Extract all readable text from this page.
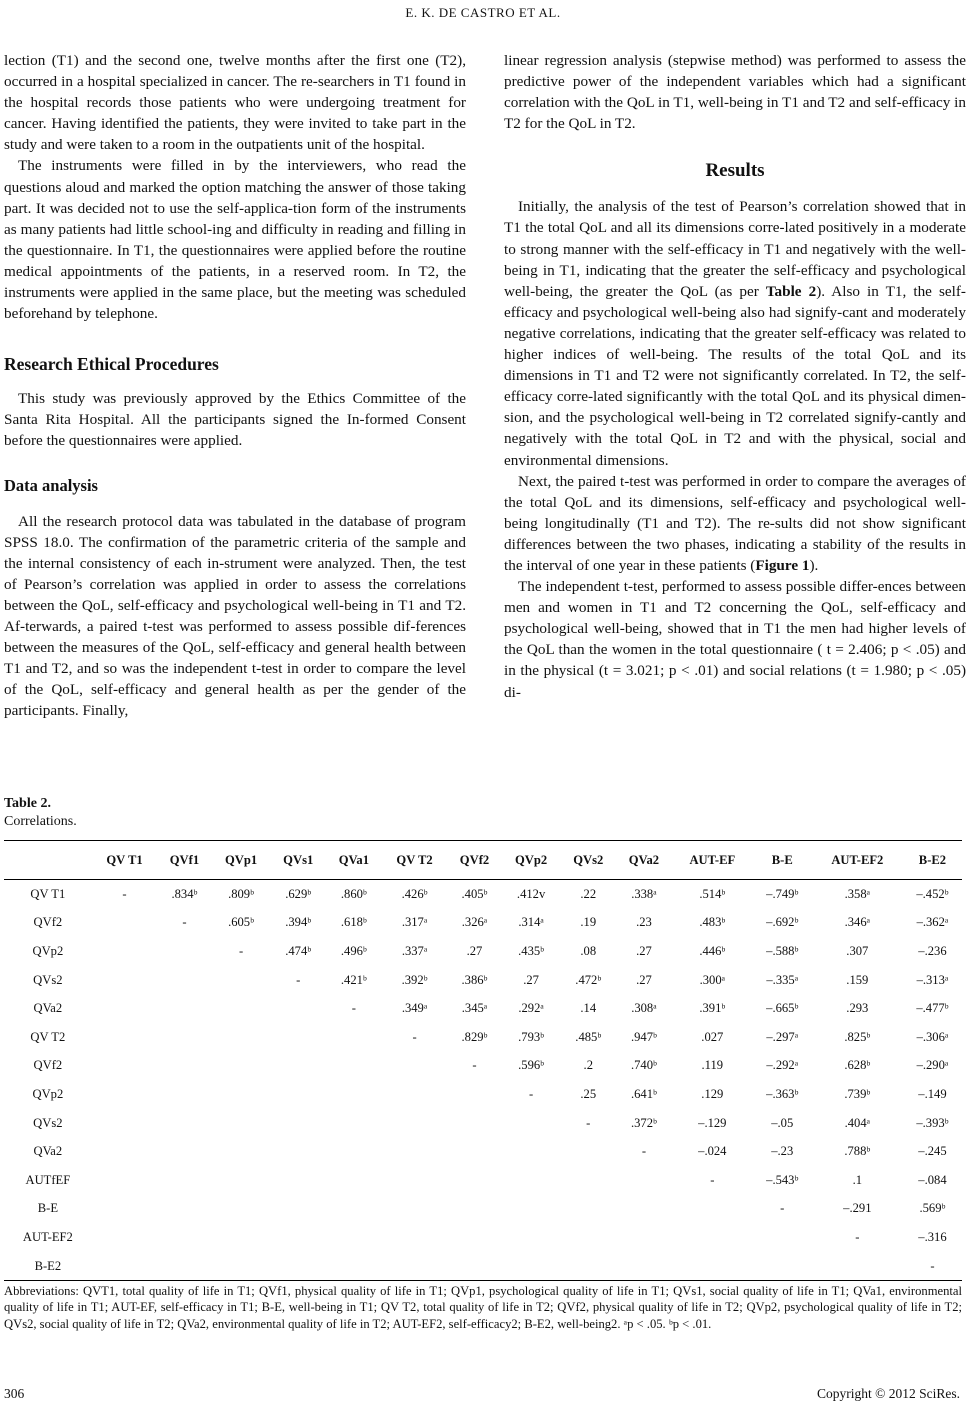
E. K. DE CASTRO ET AL.

lection (T1) and the second one, twelve months after the first one (T2), occurred in a hospital specialized in cancer. The re-searchers in T1 found in the hospital records those patients who were undergoing treatment for cancer. Having identified the patients, they were invited to take part in the study and were taken to a room in the outpatients unit of the hospital.

The instruments were filled in by the interviewers, who read the questions aloud and marked the option matching the answer of those taking part. It was decided not to use the self-applica-tion form of the instruments as many patients had little school-ing and difficulty in reading and filling in the questionnaire. In T1, the questionnaires were applied before the routine medical appointments of the patients, in a reserved room. In T2, the instruments were applied in the same place, but the meeting was scheduled beforehand by telephone.

Research Ethical Procedures

This study was previously approved by the Ethics Committee of the Santa Rita Hospital. All the participants signed the In-formed Consent before the questionnaires were applied.

Data analysis

All the research protocol data was tabulated in the database of program SPSS 18.0. The confirmation of the parametric criteria of the sample and the internal consistency of each in-strument were analyzed. Then, the test of Pearson’s correlation was applied in order to assess the correlations between the QoL, self-efficacy and psychological well-being in T1 and T2. Af-terwards, a paired t-test was performed to assess possible dif-ferences between the measures of the QoL, self-efficacy and general health between T1 and T2, and so was the independent t-test in order to compare the level of the QoL, self-efficacy and general health as per the gender of the participants. Finally,

linear regression analysis (stepwise method) was performed to assess the predictive power of the independent variables which had a significant correlation with the QoL in T1, well-being in T1 and T2 and self-efficacy in T2 for the QoL in T2.

Results

Initially, the analysis of the test of Pearson’s correlation showed that in T1 the total QoL and all its dimensions corre-lated positively in a moderate to strong manner with the self-efficacy in T1 and negatively with the well-being in T1, indicating that the greater the self-efficacy and psychological well-being, the greater the QoL (as per Table 2). Also in T1, the self-efficacy and psychological well-being also had signify-cant and moderately negative correlations, indicating that the greater self-efficacy was related to higher indices of well-being. The results of the total QoL and its dimensions in T1 and T2 were not significantly correlated. In T2, the self-efficacy corre-lated significantly with the total QoL and its physical dimen-sion, and the psychological well-being in T2 correlated signify-cantly and negatively with the total QoL in T2 and with the physical, social and environmental dimensions.

Next, the paired t-test was performed in order to compare the averages of the total QoL and its dimensions, self-efficacy and psychological well-being longitudinally (T1 and T2). The re-sults did not show significant differences between the two phases, indicating a stability of the results in the interval of one year in these patients (Figure 1).

The independent t-test, performed to assess possible differ-ences between men and women in T1 and T2 concerning the QoL, self-efficacy and psychological well-being, showed that in T1 the men had higher levels of the QoL than the women in the total questionnaire ( t = 2.406; p < .05) and in the physical (t = 3.021; p < .01) and social relations (t = 1.980; p < .05) di-

Table 2.
Correlations.
	QV T1	QVf1	QVp1	QVs1	QVa1	QV T2	QVf2	QVp2	QVs2	QVa2	AUT-EF	B-E	AUT-EF2	B-E2
QV T1	-	.834ᵇ	.809ᵇ	.629ᵇ	.860ᵇ	.426ᵇ	.405ᵇ	.412v	.22	.338ᵃ	.514ᵇ	–.749ᵇ	.358ᵃ	–.452ᵇ
QVf2		-	.605ᵇ	.394ᵇ	.618ᵇ	.317ᵃ	.326ᵃ	.314ᵃ	.19	.23	.483ᵇ	–.692ᵇ	.346ᵃ	–.362ᵃ
QVp2			-	.474ᵇ	.496ᵇ	.337ᵃ	.27	.435ᵇ	.08	.27	.446ᵇ	–.588ᵇ	.307	–.236
QVs2				-	.421ᵇ	.392ᵇ	.386ᵇ	.27	.472ᵇ	.27	.300ᵃ	–.335ᵃ	.159	–.313ᵃ
QVa2					-	.349ᵃ	.345ᵃ	.292ᵃ	.14	.308ᵃ	.391ᵇ	–.665ᵇ	.293	–.477ᵇ
QV T2						-	.829ᵇ	.793ᵇ	.485ᵇ	.947ᵇ	.027	–.297ᵃ	.825ᵇ	–.306ᵃ
QVf2							-	.596ᵇ	.2	.740ᵇ	.119	–.292ᵃ	.628ᵇ	–.290ᵃ
QVp2								-	.25	.641ᵇ	.129	–.363ᵇ	.739ᵇ	–.149
QVs2									-	.372ᵇ	–.129	–.05	.404ᵃ	–.393ᵇ
QVa2										-	–.024	–.23	.788ᵇ	–.245
AUTfEF											-	–.543ᵇ	.1	–.084
B-E												-	–.291	.569ᵇ
AUT-EF2													-	–.316
B-E2														-
Abbreviations: QVT1, total quality of life in T1; QVf1, physical quality of life in T1; QVp1, psychological quality of life in T1; QVs1, social quality of life in T1; QVa1, environmental quality of life in T1; AUT-EF, self-efficacy in T1; B-E, well-being in T1; QV T2, total quality of life in T2; QVf2, physical quality of life in T2; QVp2, psychological quality of life in T2; QVs2, social quality of life in T2; QVa2, environmental quality of life in T2; AUT-EF2, self-efficacy2; B-E2, well-being2. ᵃp < .05. ᵇp < .01.
306	Copyright © 2012 SciRes.
